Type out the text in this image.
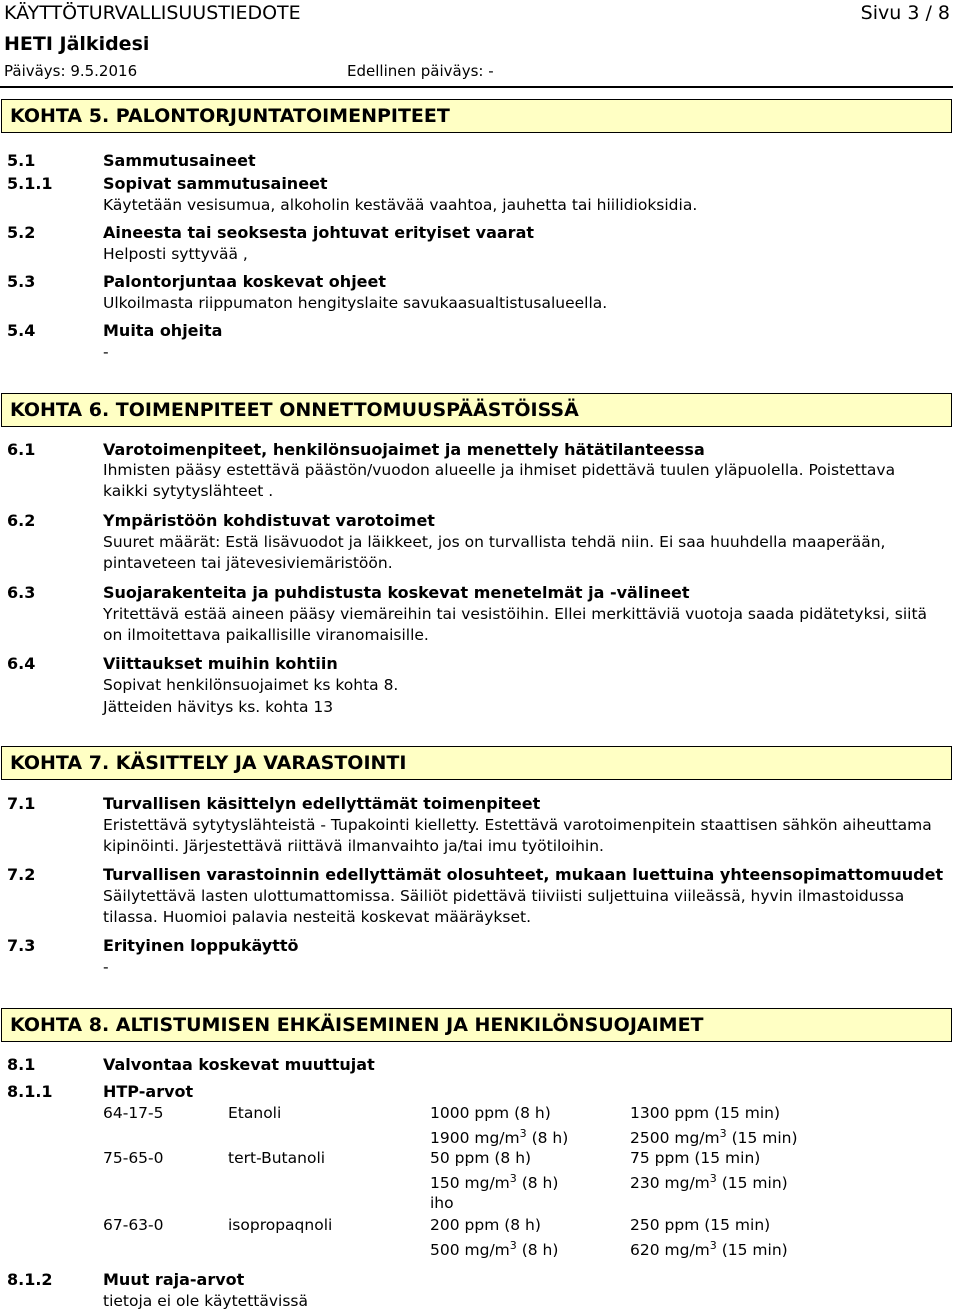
KÄYTTÖTURVALLISUUSTIEDOTE	Sivu 3 / 8
HETI Jälkidesi
Päiväys: 9.5.2016	Edellinen päiväys: -
KOHTA 5. PALONTORJUNTATOIMENPITEET
5.1	Sammutusaineet
5.1.1	Sopivat sammutusaineet
Käytetään vesisumua, alkoholin kestävää vaahtoa, jauhetta tai hiilidioksidia.
5.2	Aineesta tai seoksesta johtuvat erityiset vaarat
Helposti syttyvää ,
5.3	Palontorjuntaa koskevat ohjeet
Ulkoilmasta riippumaton hengityslaite savukaasualtistusalueella.
5.4	Muita ohjeita
-
KOHTA 6. TOIMENPITEET ONNETTOMUUSPÄÄSTÖISSÄ
6.1	Varotoimenpiteet, henkilönsuojaimet ja menettely hätätilanteessa
Ihmisten pääsy estettävä päästön/vuodon alueelle ja ihmiset pidettävä tuulen yläpuolella. Poistettava
kaikki sytytyslähteet .
6.2	Ympäristöön kohdistuvat varotoimet
Suuret määrät: Estä lisävuodot ja läikkeet, jos on turvallista tehdä niin. Ei saa huuhdella maaperään,
pintaveteen tai jätevesiviemäristöön.
6.3	Suojarakenteita ja puhdistusta koskevat menetelmät ja -välineet
Yritettävä estää aineen pääsy viemäreihin tai vesistöihin. Ellei merkittäviä vuotoja saada pidätetyksi, siitä
on ilmoitettava paikallisille viranomaisille.
6.4	Viittaukset muihin kohtiin
Sopivat henkilönsuojaimet ks kohta 8.
Jätteiden hävitys ks. kohta 13
KOHTA 7. KÄSITTELY JA VARASTOINTI
7.1	Turvallisen käsittelyn edellyttämät toimenpiteet
Eristettävä sytytyslähteistä - Tupakointi kielletty. Estettävä varotoimenpitein staattisen sähkön aiheuttama
kipinöinti. Järjestettävä riittävä ilmanvaihto ja/tai imu työtiloihin.
7.2	Turvallisen varastoinnin edellyttämät olosuhteet, mukaan luettuina yhteensopimattomuudet
Säilytettävä lasten ulottumattomissa. Säiliöt pidettävä tiiviisti suljettuina viileässä, hyvin ilmastoidussa
tilassa. Huomioi palavia nesteitä koskevat määräykset.
7.3	Erityinen loppukäyttö
-
KOHTA 8. ALTISTUMISEN EHKÄISEMINEN JA HENKILÖNSUOJAIMET
8.1	Valvontaa koskevat muuttujat
8.1.1	HTP-arvot
64-17-5	Etanoli	1000 ppm (8 h)	1300 ppm (15 min)
1900 $mg/m^3$ (8 h)	2500 $mg/m^3$ (15 min)
75-65-0	tert-Butanoli	50 ppm (8 h)	75 ppm (15 min)
150 $mg/m^3$ (8 h)	230 $mg/m^3$ (15 min)
iho
67-63-0	isopropaqnoli	200 ppm (8 h)	250 ppm (15 min)
500 $mg/m^3$ (8 h)	620 $mg/m^3$ (15 min)
8.1.2	Muut raja-arvot
tietoja ei ole käytettävissä
